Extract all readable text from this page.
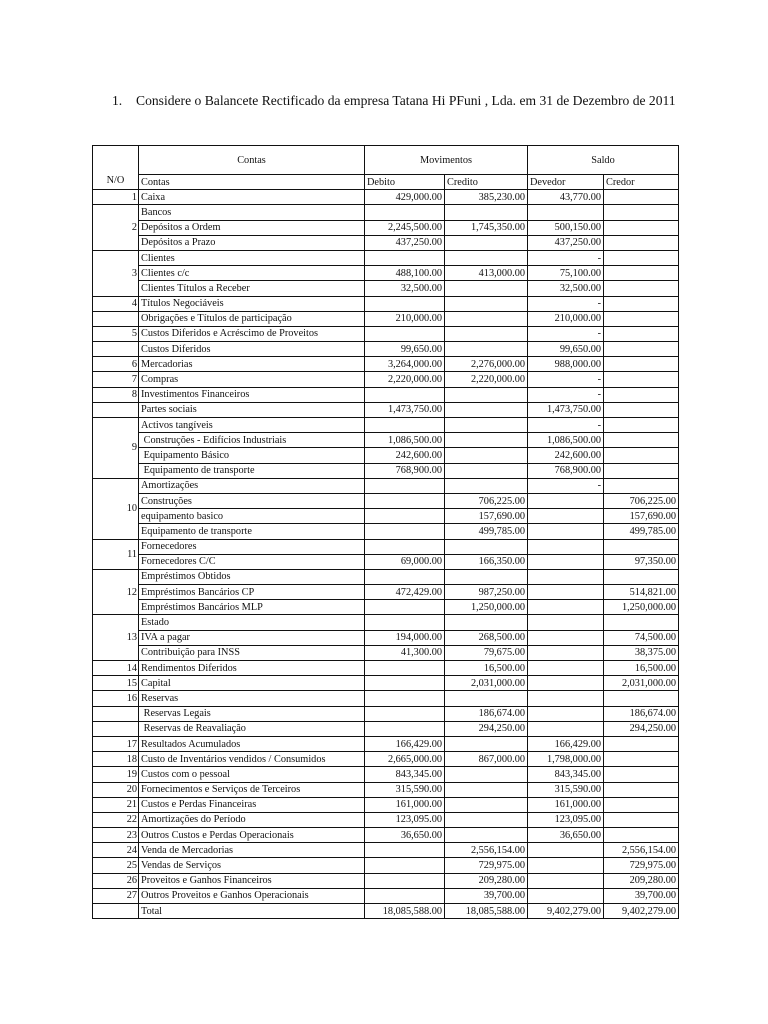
1.	Considere o Balancete Rectificado da empresa Tatana Hi PFuni , Lda. em 31 de Dezembro de 2011
N/O	Contas	Movimentos		Saldo	
	Contas	Debito	Credito	Devedor	Credor
1	Caixa	429,000.00	385,230.00	43,770.00	
2	Bancos				
	Depósitos a Ordem	2,245,500.00	1,745,350.00	500,150.00	
	Depósitos a Prazo	437,250.00		437,250.00	
3	Clientes			-	
	Clientes c/c	488,100.00	413,000.00	75,100.00	
	Clientes Títulos a Receber	32,500.00		32,500.00	
4	Títulos Negociáveis			-	
	Obrigações e Títulos de participação	210,000.00		210,000.00	
5	Custos Diferidos e Acréscimo de Proveitos			-	
	Custos Diferidos	99,650.00		99,650.00	
6	Mercadorias	3,264,000.00	2,276,000.00	988,000.00	
7	Compras	2,220,000.00	2,220,000.00	-	
8	Investimentos Financeiros			-	
	Partes sociais	1,473,750.00		1,473,750.00	
9	Activos tangíveis			-	
	Construções - Edifícios Industriais	1,086,500.00		1,086,500.00	
	Equipamento Básico	242,600.00		242,600.00	
	Equipamento de transporte	768,900.00		768,900.00	
10	Amortizações			-	
	Construções		706,225.00		706,225.00
	equipamento basico		157,690.00		157,690.00
	Equipamento de transporte		499,785.00		499,785.00
11	Fornecedores				
	Fornecedores C/C	69,000.00	166,350.00		97,350.00
12	Empréstimos Obtidos				
	Empréstimos Bancários CP	472,429.00	987,250.00		514,821.00
	Empréstimos Bancários MLP		1,250,000.00		1,250,000.00
13	Estado				
	IVA a pagar	194,000.00	268,500.00		74,500.00
	Contribuição para INSS	41,300.00	79,675.00		38,375.00
14	Rendimentos Diferidos		16,500.00		16,500.00
15	Capital		2,031,000.00		2,031,000.00
16	Reservas				
	Reservas Legais		186,674.00		186,674.00
	Reservas de Reavaliação		294,250.00		294,250.00
17	Resultados Acumulados	166,429.00		166,429.00	
18	Custo de Inventários vendidos / Consumidos	2,665,000.00	867,000.00	1,798,000.00	
19	Custos com o pessoal	843,345.00		843,345.00	
20	Fornecimentos e Serviços de Terceiros	315,590.00		315,590.00	
21	Custos e Perdas Financeiras	161,000.00		161,000.00	
22	Amortizações do Período	123,095.00		123,095.00	
23	Outros Custos e Perdas Operacionais	36,650.00		36,650.00	
24	Venda de Mercadorias		2,556,154.00		2,556,154.00
25	Vendas de Serviços		729,975.00		729,975.00
26	Proveitos e Ganhos Financeiros		209,280.00		209,280.00
27	Outros Proveitos e Ganhos Operacionais		39,700.00		39,700.00
	Total	18,085,588.00	18,085,588.00	9,402,279.00	9,402,279.00
